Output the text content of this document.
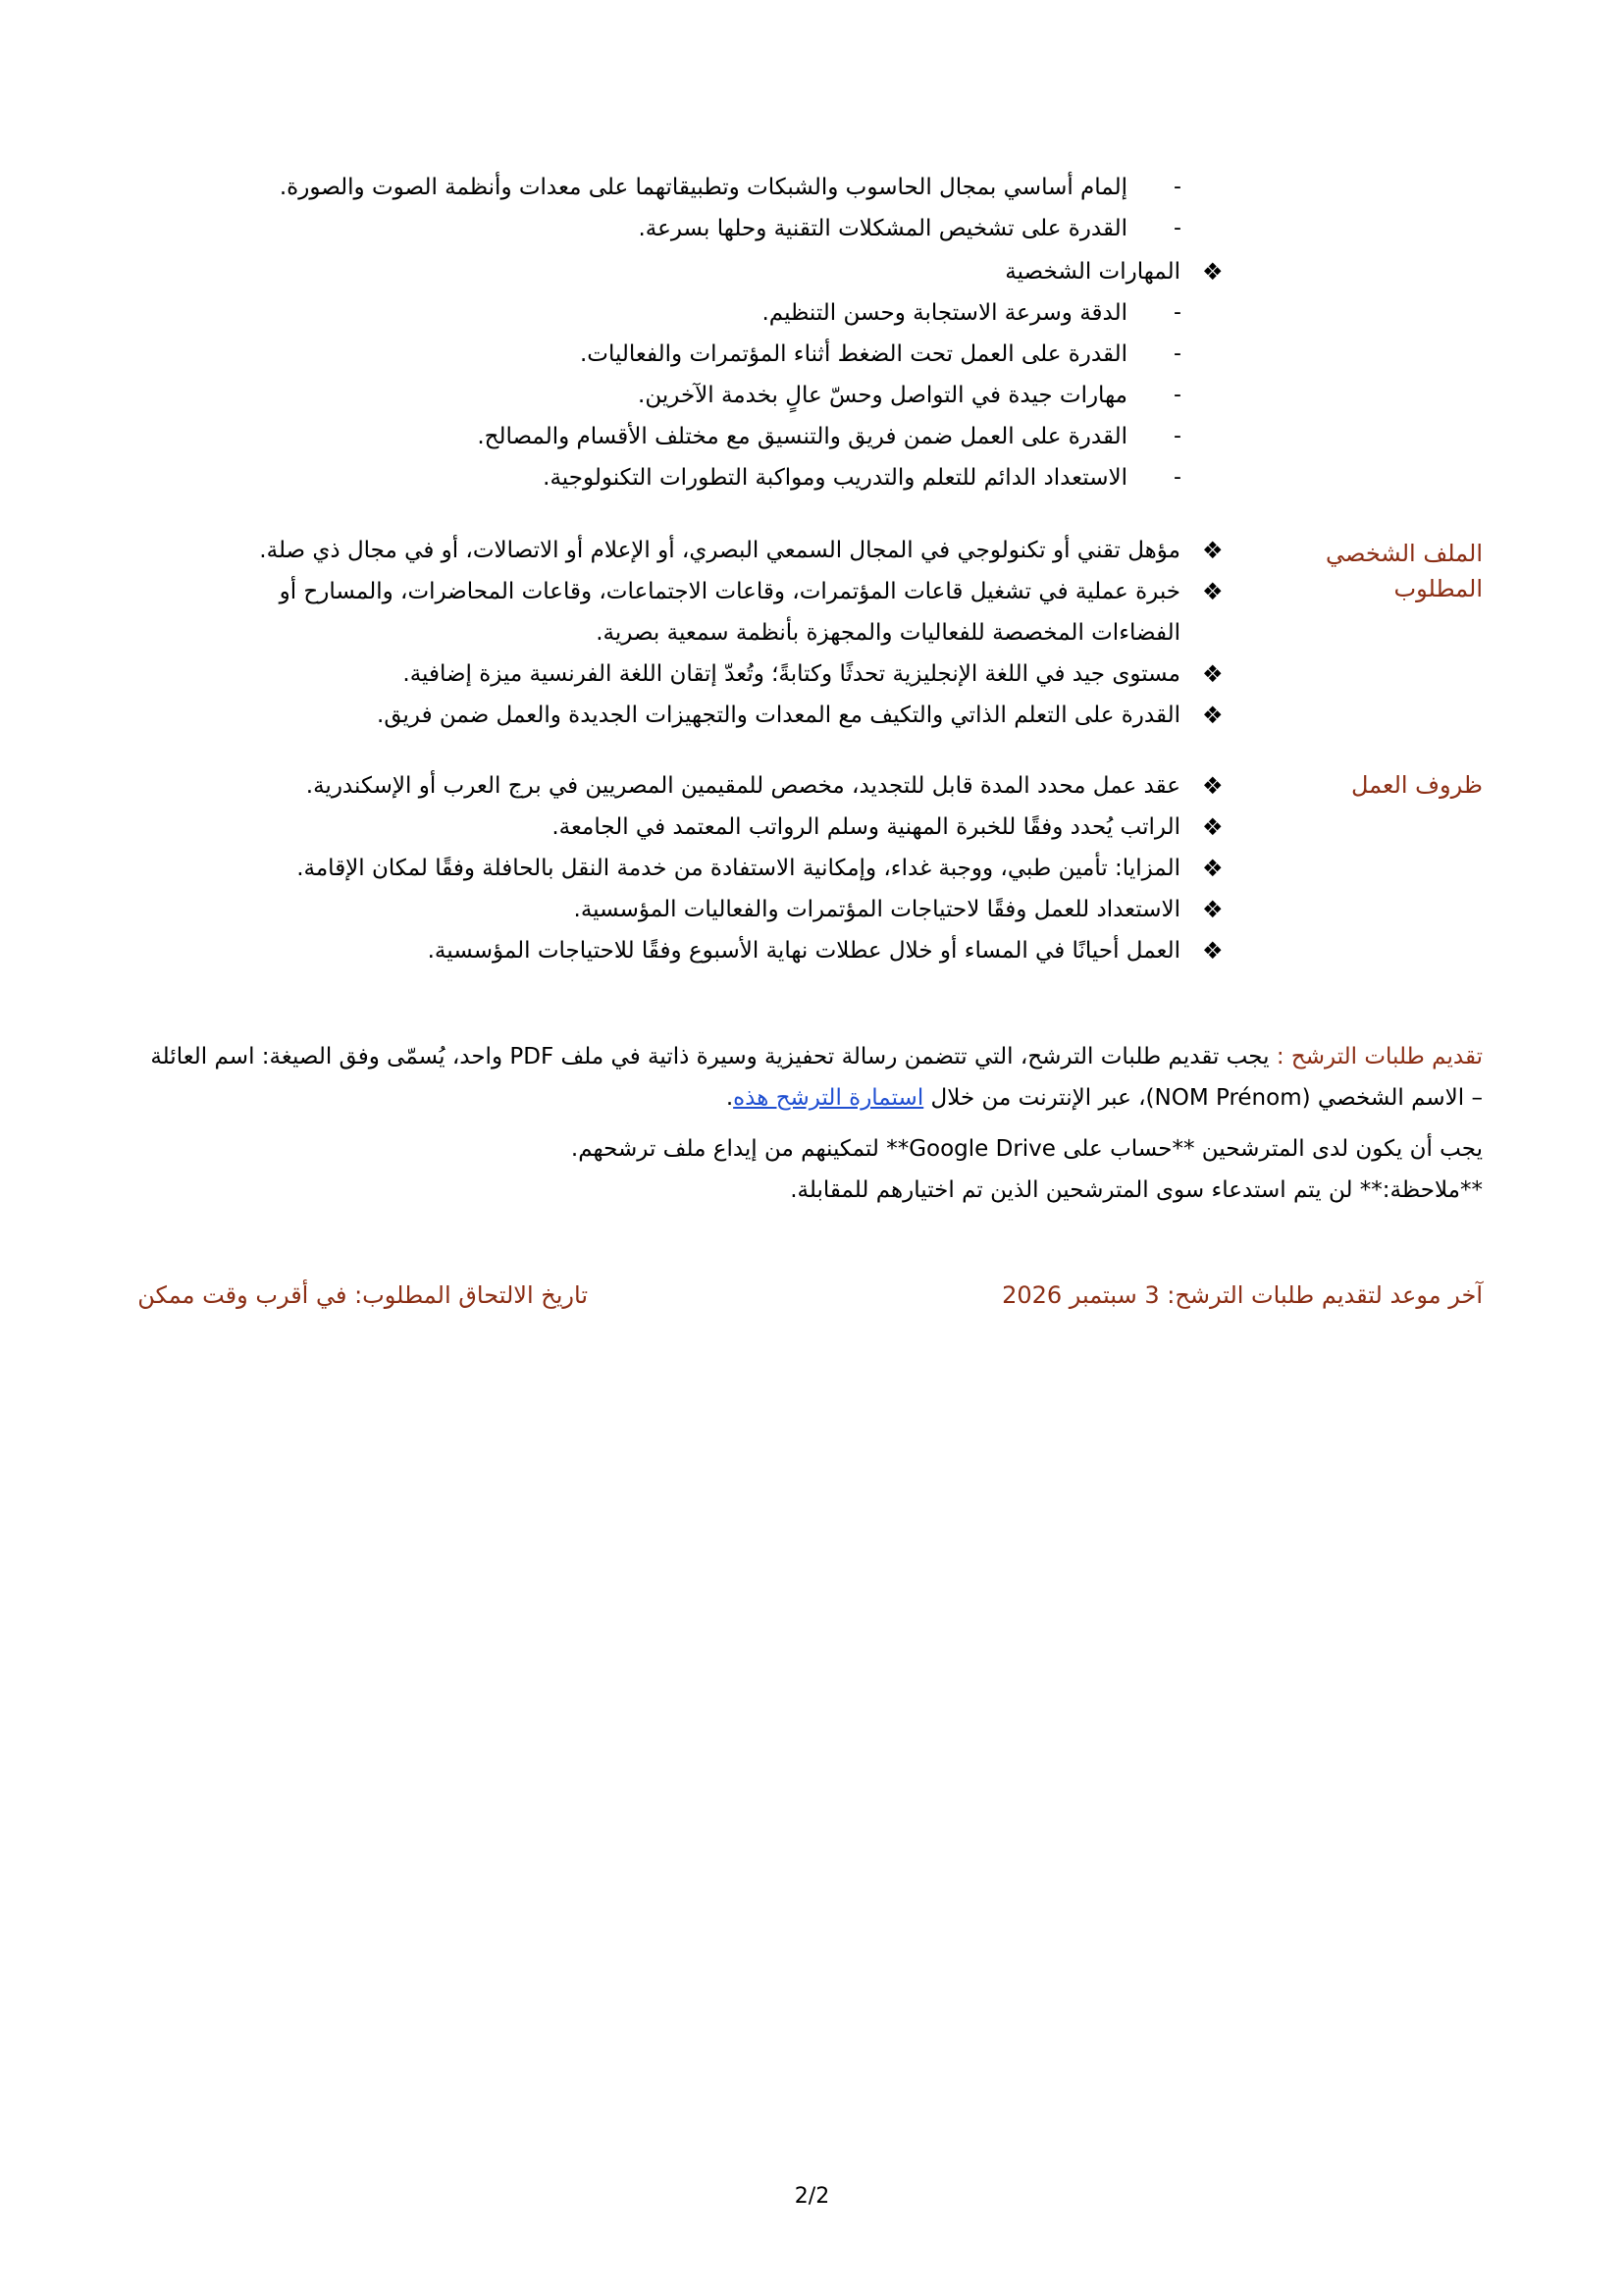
-
إلمام أساسي بمجال الحاسوب والشبكات وتطبيقاتهما على معدات وأنظمة الصوت والصورة.
-
القدرة على تشخيص المشكلات التقنية وحلها بسرعة.
❖
المهارات الشخصية
-
الدقة وسرعة الاستجابة وحسن التنظيم.
-
القدرة على العمل تحت الضغط أثناء المؤتمرات والفعاليات.
-
مهارات جيدة في التواصل وحسّ عالٍ بخدمة الآخرين.
-
القدرة على العمل ضمن فريق والتنسيق مع مختلف الأقسام والمصالح.
-
الاستعداد الدائم للتعلم والتدريب ومواكبة التطورات التكنولوجية.
الملف الشخصي
المطلوب
❖
مؤهل تقني أو تكنولوجي في المجال السمعي البصري، أو الإعلام أو الاتصالات، أو في مجال ذي صلة.
❖
خبرة عملية في تشغيل قاعات المؤتمرات، وقاعات الاجتماعات، وقاعات المحاضرات، والمسارح أو
الفضاءات المخصصة للفعاليات والمجهزة بأنظمة سمعية بصرية.
❖
مستوى جيد في اللغة الإنجليزية تحدثًا وكتابةً؛ وتُعدّ إتقان اللغة الفرنسية ميزة إضافية.
❖
القدرة على التعلم الذاتي والتكيف مع المعدات والتجهيزات الجديدة والعمل ضمن فريق.
ظروف العمل
❖
عقد عمل محدد المدة قابل للتجديد، مخصص للمقيمين المصريين في برج العرب أو الإسكندرية.
❖
الراتب يُحدد وفقًا للخبرة المهنية وسلم الرواتب المعتمد في الجامعة.
❖
المزايا: تأمين طبي، ووجبة غداء، وإمكانية الاستفادة من خدمة النقل بالحافلة وفقًا لمكان الإقامة.
❖
الاستعداد للعمل وفقًا لاحتياجات المؤتمرات والفعاليات المؤسسية.
❖
العمل أحيانًا في المساء أو خلال عطلات نهاية الأسبوع وفقًا للاحتياجات المؤسسية.
تقديم طلبات الترشح : يجب تقديم طلبات الترشح، التي تتضمن رسالة تحفيزية وسيرة ذاتية في ملف PDF واحد، يُسمّى وفق الصيغة: اسم العائلة
– الاسم الشخصي (NOM Prénom)، عبر الإنترنت من خلال استمارة الترشح هذه.
يجب أن يكون لدى المترشحين **حساب على Google Drive** لتمكينهم من إيداع ملف ترشحهم.
**ملاحظة:** لن يتم استدعاء سوى المترشحين الذين تم اختيارهم للمقابلة.
آخر موعد لتقديم طلبات الترشح: 3 سبتمبر 2026
تاريخ الالتحاق المطلوب: في أقرب وقت ممكن
2/2
